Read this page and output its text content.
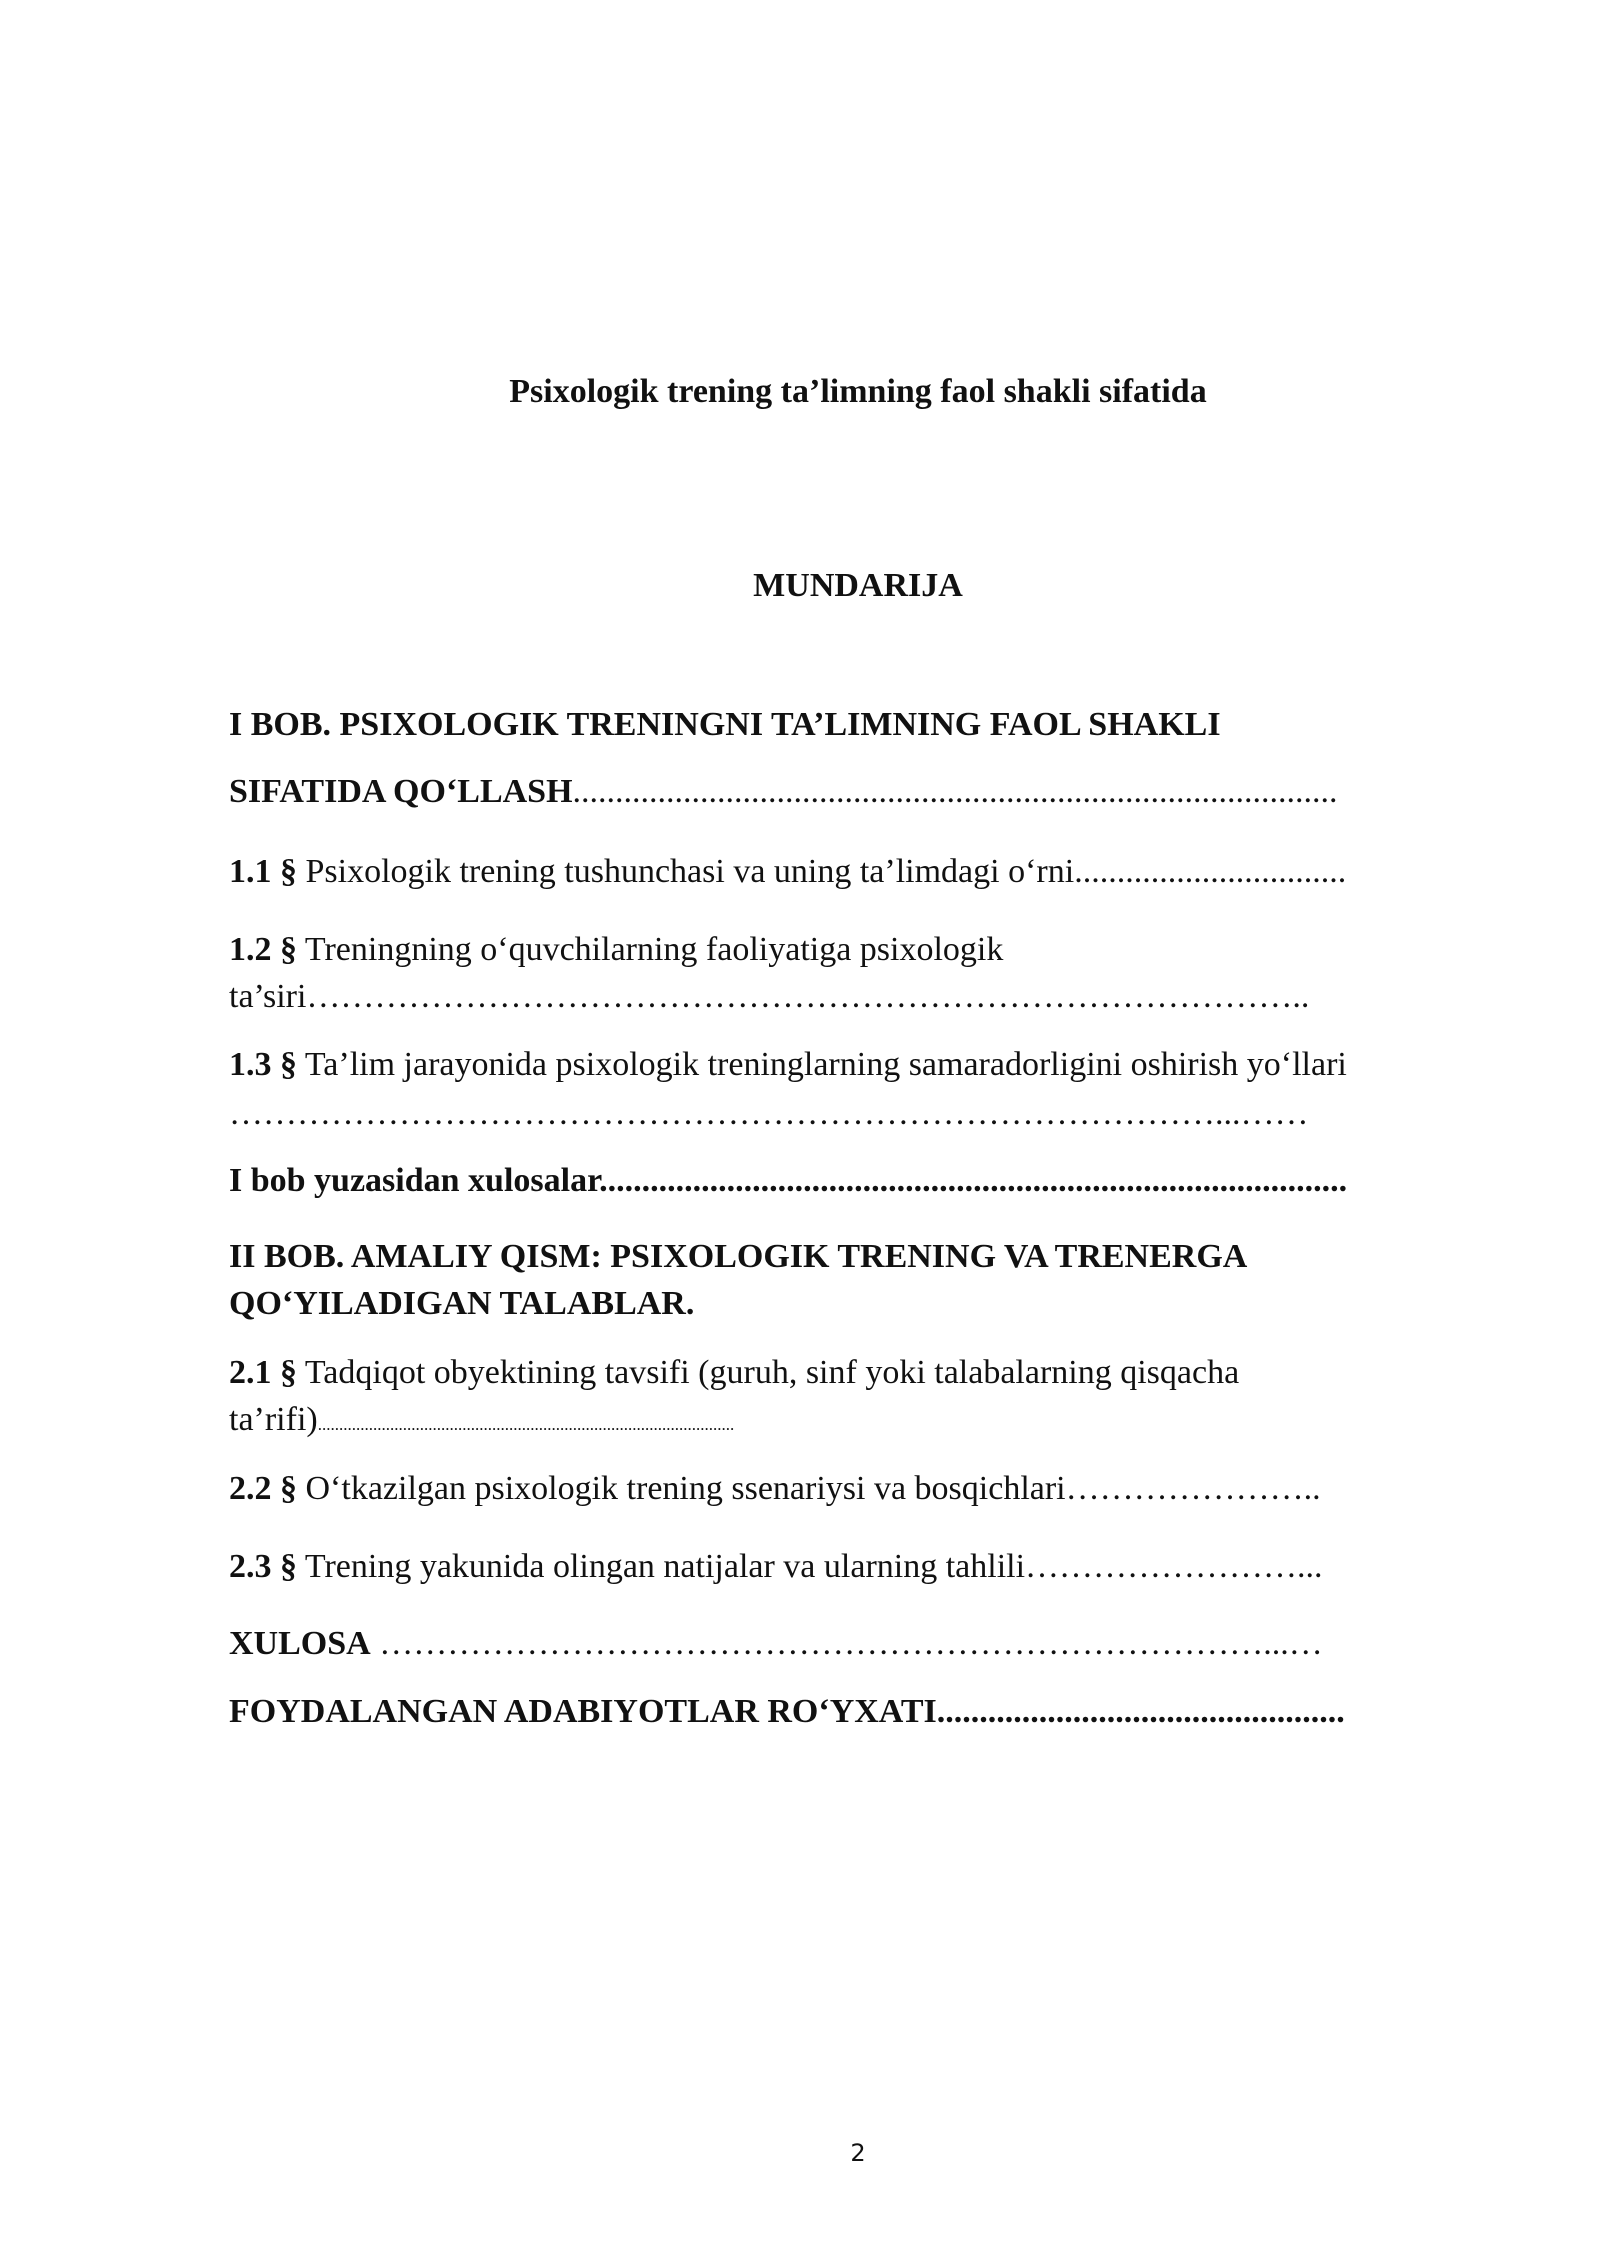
Psixologik trening ta’limning faol shakli sifatida
MUNDARIJA
I BOB. PSIXOLOGIK TRENINGNI TA’LIMNING FAOL SHAKLI
SIFATIDA QO‘LLASH..........................................................................................
1.1 § Psixologik trening tushunchasi va uning ta’limdagi o‘rni................................
1.2 § Treningning o‘quvchilarning faoliyatiga psixologik
ta’siri……………………………………………………………………………..
1.3 § Ta’lim jarayonida psixologik treninglarning samaradorligini oshirish yo‘llari
……………………………………………………………………………...……
I bob yuzasidan xulosalar........................................................................................
II BOB. AMALIY QISM: PSIXOLOGIK TRENING VA TRENERGA
QO‘YILADIGAN TALABLAR.
2.1 § Tadqiqot obyektining tavsifi (guruh, sinf yoki talabalarning qisqacha
ta’rifi)..................................................................................................
2.2 § O‘tkazilgan psixologik trening ssenariysi va bosqichlari…………………..
2.3 § Trening yakunida olingan natijalar va ularning tahlili……………………...
XULOSA ……………………………………………………………………...…
FOYDALANGAN ADABIYOTLAR RO‘YXATI................................................
2
